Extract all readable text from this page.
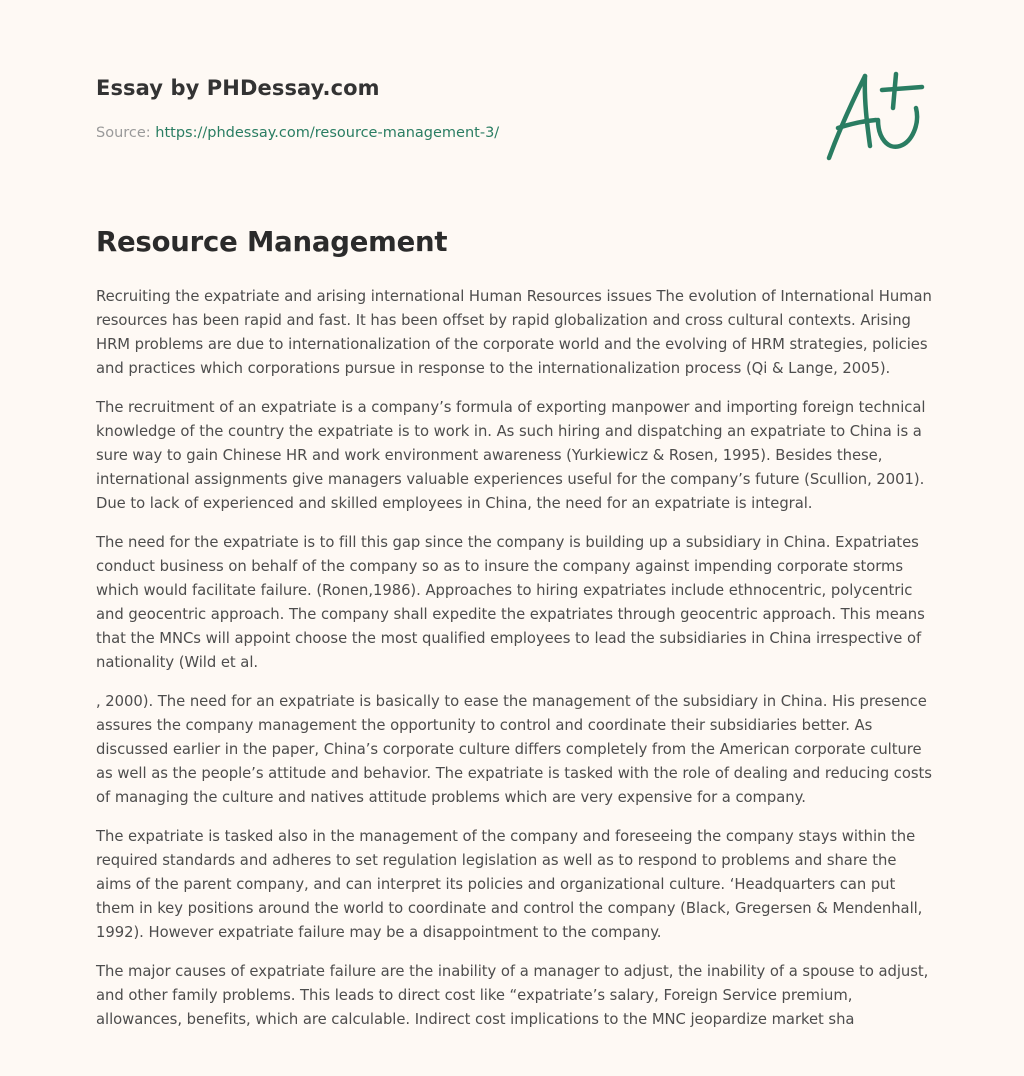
Essay by PHDessay.com

Source: https://phdessay.com/resource-management-3/

Resource Management

Recruiting the expatriate and arising international Human Resources issues The evolution of International Human resources has been rapid and fast. It has been offset by rapid globalization and cross cultural contexts. Arising HRM problems are due to internationalization of the corporate world and the evolving of HRM strategies, policies and practices which corporations pursue in response to the internationalization process (Qi & Lange, 2005).

The recruitment of an expatriate is a company’s formula of exporting manpower and importing foreign technical knowledge of the country the expatriate is to work in. As such hiring and dispatching an expatriate to China is a sure way to gain Chinese HR and work environment awareness (Yurkiewicz & Rosen, 1995). Besides these, international assignments give managers valuable experiences useful for the company’s future (Scullion, 2001). Due to lack of experienced and skilled employees in China, the need for an expatriate is integral.

The need for the expatriate is to fill this gap since the company is building up a subsidiary in China. Expatriates conduct business on behalf of the company so as to insure the company against impending corporate storms which would facilitate failure. (Ronen,1986). Approaches to hiring expatriates include ethnocentric, polycentric and geocentric approach. The company shall expedite the expatriates through geocentric approach. This means that the MNCs will appoint choose the most qualified employees to lead the subsidiaries in China irrespective of nationality (Wild et al.

, 2000). The need for an expatriate is basically to ease the management of the subsidiary in China. His presence assures the company management the opportunity to control and coordinate their subsidiaries better. As discussed earlier in the paper, China’s corporate culture differs completely from the American corporate culture as well as the people’s attitude and behavior. The expatriate is tasked with the role of dealing and reducing costs of managing the culture and natives attitude problems which are very expensive for a company.

The expatriate is tasked also in the management of the company and foreseeing the company stays within the required standards and adheres to set regulation legislation as well as to respond to problems and share the aims of the parent company, and can interpret its policies and organizational culture. ‘Headquarters can put them in key positions around the world to coordinate and control the company (Black, Gregersen & Mendenhall, 1992). However expatriate failure may be a disappointment to the company.

The major causes of expatriate failure are the inability of a manager to adjust, the inability of a spouse to adjust, and other family problems. This leads to direct cost like “expatriate’s salary, Foreign Service premium, allowances, benefits, which are calculable. Indirect cost implications to the MNC jeopardize market sha
